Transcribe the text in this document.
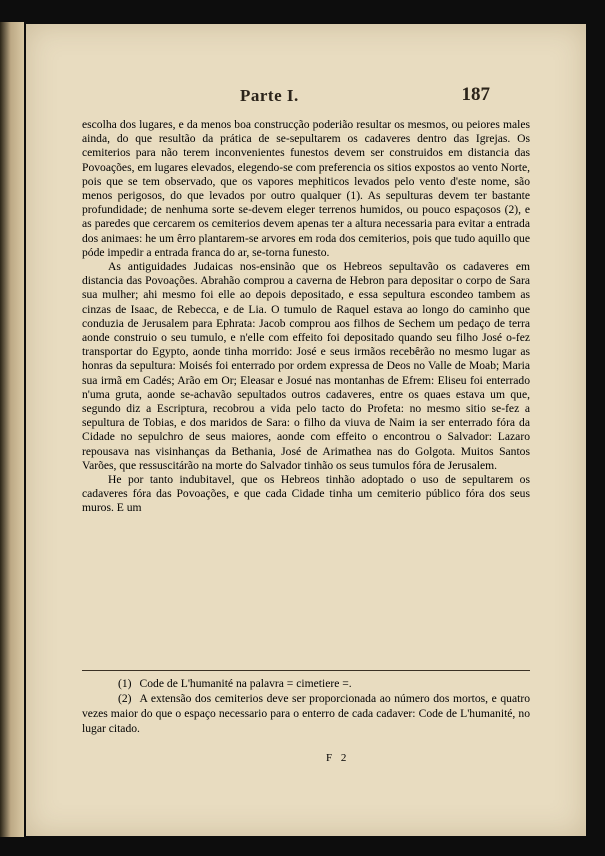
Parte I.	187

escolha dos lugares, e da menos boa construcção poderião resultar os mesmos, ou peiores males ainda, do que resultão da prática de se-sepultarem os cadaveres dentro das Igrejas. Os cemiterios para não terem inconvenientes funestos devem ser construidos em distancia das Povoações, em lugares elevados, elegendo-se com preferencia os sitios expostos ao vento Norte, pois que se tem observado, que os vapores mephiticos levados pelo vento d'este nome, são menos perigosos, do que levados por outro qualquer (1). As sepulturas devem ter bastante profundidade; de nenhuma sorte se-devem eleger terrenos humidos, ou pouco espaçosos (2), e as paredes que cercarem os cemiterios devem apenas ter a altura necessaria para evitar a entrada dos animaes: he um êrro plantarem-se arvores em roda dos cemiterios, pois que tudo aquillo que póde impedir a entrada franca do ar, se-torna funesto.

As antiguidades Judaicas nos-ensinão que os Hebreos sepultavão os cadaveres em distancia das Povoações. Abrahão comprou a caverna de Hebron para depositar o corpo de Sara sua mulher; ahi mesmo foi elle ao depois depositado, e essa sepultura escondeo tambem as cinzas de Isaac, de Rebecca, e de Lia. O tumulo de Raquel estava ao longo do caminho que conduzia de Jerusalem para Ephrata: Jacob comprou aos filhos de Sechem um pedaço de terra aonde construio o seu tumulo, e n'elle com effeito foi depositado quando seu filho José o-fez transportar do Egypto, aonde tinha morrido: José e seus irmãos recebêrão no mesmo lugar as honras da sepultura: Moisés foi enterrado por ordem expressa de Deos no Valle de Moab; Maria sua irmã em Cadés; Arão em Or; Eleasar e Josué nas montanhas de Efrem: Eliseu foi enterrado n'uma gruta, aonde se-achavão sepultados outros cadaveres, entre os quaes estava um que, segundo diz a Escriptura, recobrou a vida pelo tacto do Profeta: no mesmo sitio se-fez a sepultura de Tobias, e dos maridos de Sara: o filho da viuva de Naim ia ser enterrado fóra da Cidade no sepulchro de seus maiores, aonde com effeito o encontrou o Salvador: Lazaro repousava nas visinhanças da Bethania, José de Arimathea nas do Golgota. Muitos Santos Varões, que ressuscitárão na morte do Salvador tinhão os seus tumulos fóra de Jerusalem.

He por tanto indubitavel, que os Hebreos tinhão adoptado o uso de sepultarem os cadaveres fóra das Povoações, e que cada Cidade tinha um cemiterio público fóra dos seus muros. E um

(1) Code de L'humanité na palavra = cimetiere =.

(2) A extensão dos cemiterios deve ser proporcionada ao número dos mortos, e quatro vezes maior do que o espaço necessario para o enterro de cada cadaver: Code de L'humanité, no lugar citado.

F 2
